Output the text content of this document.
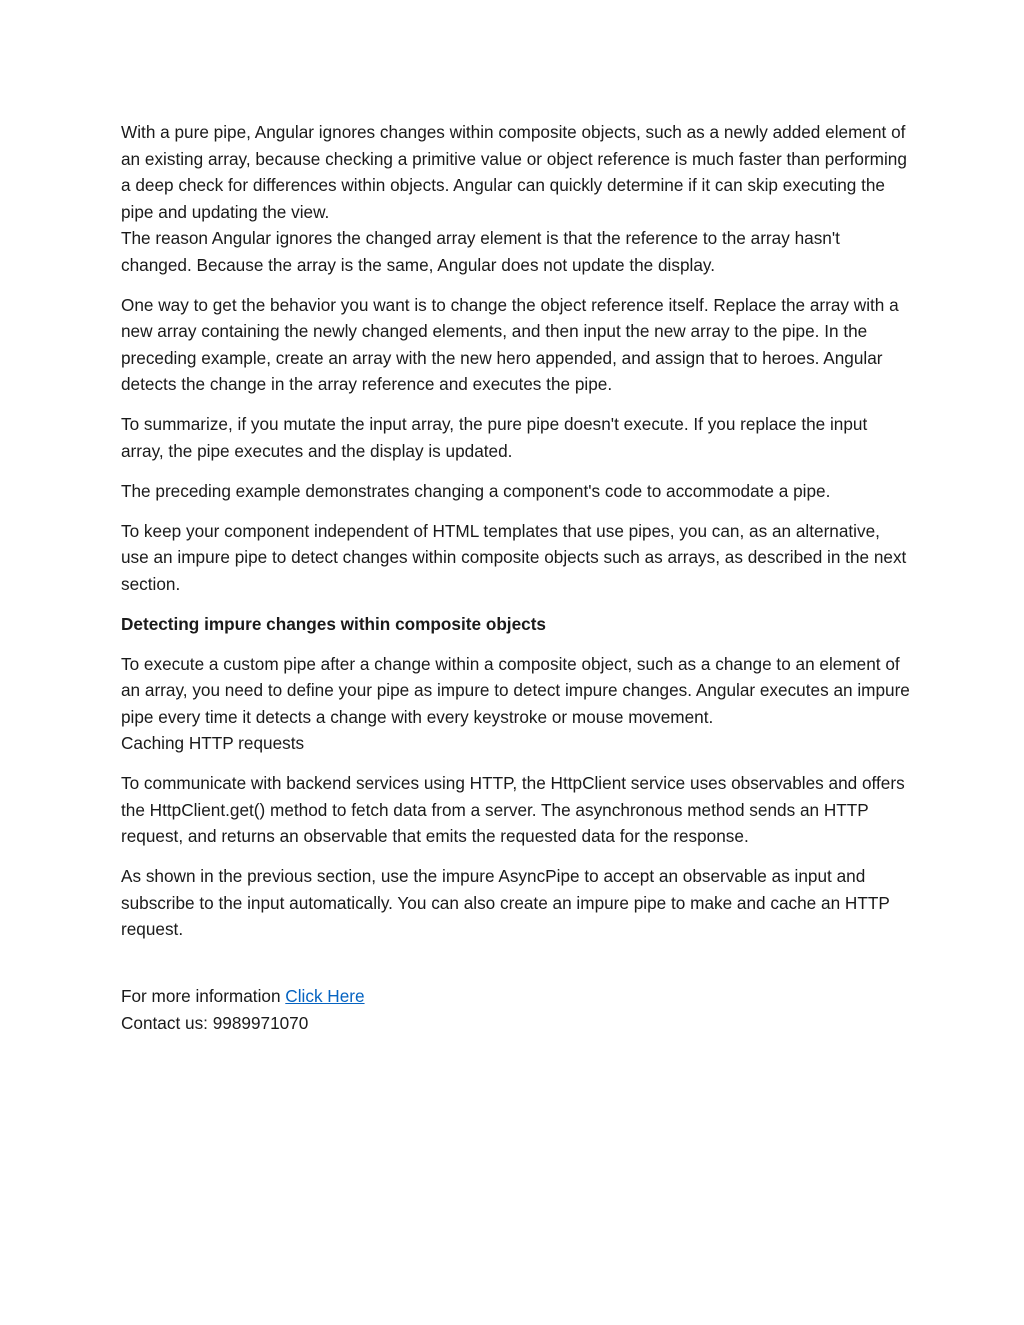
With a pure pipe, Angular ignores changes within composite objects, such as a newly added element of an existing array, because checking a primitive value or object reference is much faster than performing a deep check for differences within objects. Angular can quickly determine if it can skip executing the pipe and updating the view.
The reason Angular ignores the changed array element is that the reference to the array hasn't changed. Because the array is the same, Angular does not update the display.

One way to get the behavior you want is to change the object reference itself. Replace the array with a new array containing the newly changed elements, and then input the new array to the pipe. In the preceding example, create an array with the new hero appended, and assign that to heroes. Angular detects the change in the array reference and executes the pipe.

To summarize, if you mutate the input array, the pure pipe doesn't execute. If you replace the input array, the pipe executes and the display is updated.

The preceding example demonstrates changing a component's code to accommodate a pipe.

To keep your component independent of HTML templates that use pipes, you can, as an alternative, use an impure pipe to detect changes within composite objects such as arrays, as described in the next section.

Detecting impure changes within composite objects

To execute a custom pipe after a change within a composite object, such as a change to an element of an array, you need to define your pipe as impure to detect impure changes. Angular executes an impure pipe every time it detects a change with every keystroke or mouse movement.
Caching HTTP requests

To communicate with backend services using HTTP, the HttpClient service uses observables and offers the HttpClient.get() method to fetch data from a server. The asynchronous method sends an HTTP request, and returns an observable that emits the requested data for the response.

As shown in the previous section, use the impure AsyncPipe to accept an observable as input and subscribe to the input automatically. You can also create an impure pipe to make and cache an HTTP request.

For more information Click Here
Contact us: 9989971070
